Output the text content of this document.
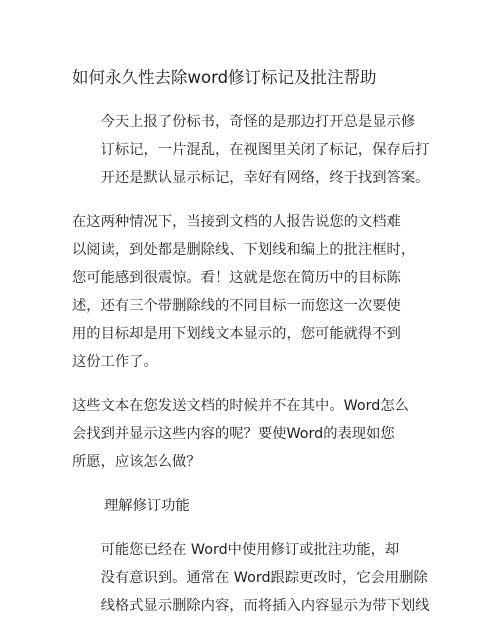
如何永久性去除word修订标记及批注帮助

今天上报了份标书，奇怪的是那边打开总是显示修
订标记，一片混乱，在视图里关闭了标记，保存后打
开还是默认显示标记，幸好有网络，终于找到答案。

在这两种情况下，当接到文档的人报告说您的文档难
以阅读，到处都是删除线、下划线和编上的批注框时，
您可能感到很震惊。看！这就是您在简历中的目标陈
述，还有三个带删除线的不同目标一而您这一次要使
用的目标却是用下划线文本显示的，您可能就得不到
这份工作了。

这些文本在您发送文档的时候并不在其中。Word怎么
会找到并显示这些内容的呢？要使Word的表现如您
所愿，应该怎么做？

理解修订功能

可能您已经在 Word中使用修订或批注功能，却
没有意识到。通常在 Word跟踪更改时，它会用删除
线格式显示删除内容，而将插入内容显示为带下划线
